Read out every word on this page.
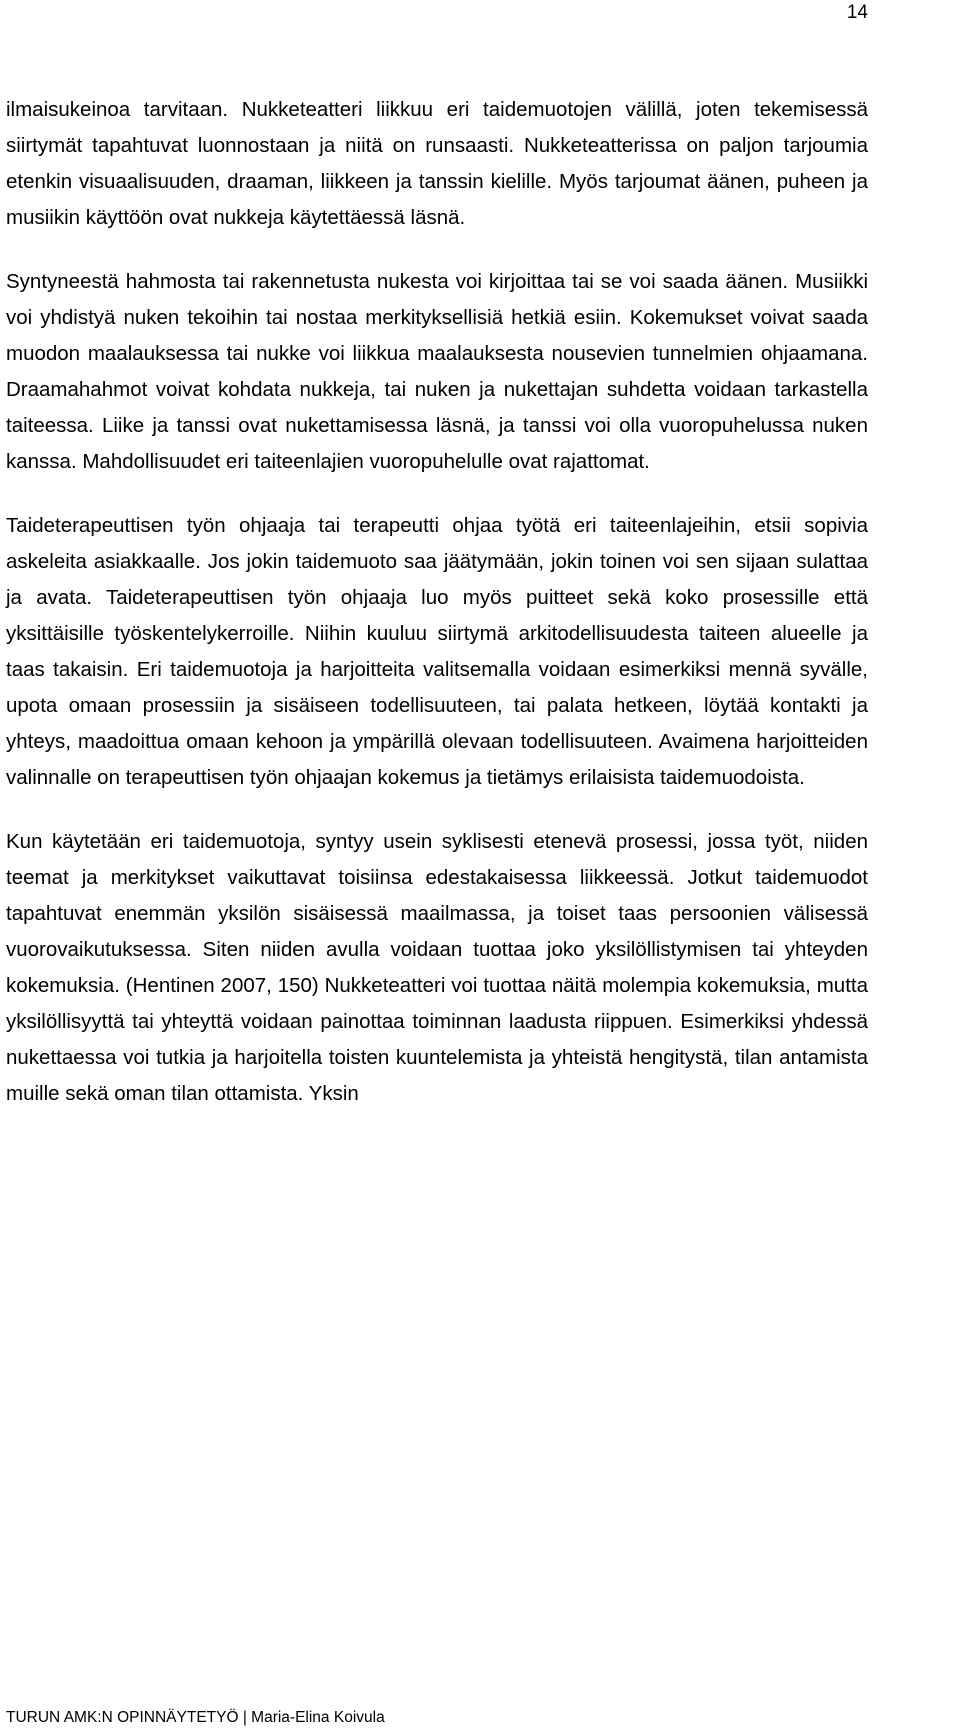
14

ilmaisukeinoa tarvitaan. Nukketeatteri liikkuu eri taidemuotojen välillä, joten tekemisessä siirtymät tapahtuvat luonnostaan ja niitä on runsaasti. Nukketeatterissa on paljon tarjoumia etenkin visuaalisuuden, draaman, liikkeen ja tanssin kielille. Myös tarjoumat äänen, puheen ja musiikin käyttöön ovat nukkeja käytettäessä läsnä.

Syntyneestä hahmosta tai rakennetusta nukesta voi kirjoittaa tai se voi saada äänen. Musiikki voi yhdistyä nuken tekoihin tai nostaa merkityksellisiä hetkiä esiin. Kokemukset voivat saada muodon maalauksessa tai nukke voi liikkua maalauksesta nousevien tunnelmien ohjaamana. Draamahahmot voivat kohdata nukkeja, tai nuken ja nukettajan suhdetta voidaan tarkastella taiteessa. Liike ja tanssi ovat nukettamisessa läsnä, ja tanssi voi olla vuoropuhelussa nuken kanssa. Mahdollisuudet eri taiteenlajien vuoropuhelulle ovat rajattomat.

Taideterapeuttisen työn ohjaaja tai terapeutti ohjaa työtä eri taiteenlajeihin, etsii sopivia askeleita asiakkaalle. Jos jokin taidemuoto saa jäätymään, jokin toinen voi sen sijaan sulattaa ja avata. Taideterapeuttisen työn ohjaaja luo myös puitteet sekä koko prosessille että yksittäisille työskentelykerroille. Niihin kuuluu siirtymä arkitodellisuudesta taiteen alueelle ja taas takaisin. Eri taidemuotoja ja harjoitteita valitsemalla voidaan esimerkiksi mennä syvälle, upota omaan prosessiin ja sisäiseen todellisuuteen, tai palata hetkeen, löytää kontakti ja yhteys, maadoittua omaan kehoon ja ympärillä olevaan todellisuuteen. Avaimena harjoitteiden valinnalle on terapeuttisen työn ohjaajan kokemus ja tietämys erilaisista taidemuodoista.

Kun käytetään eri taidemuotoja, syntyy usein syklisesti etenevä prosessi, jossa työt, niiden teemat ja merkitykset vaikuttavat toisiinsa edestakaisessa liikkeessä. Jotkut taidemuodot tapahtuvat enemmän yksilön sisäisessä maailmassa, ja toiset taas persoonien välisessä vuorovaikutuksessa. Siten niiden avulla voidaan tuottaa joko yksilöllistymisen tai yhteyden kokemuksia. (Hentinen 2007, 150) Nukketeatteri voi tuottaa näitä molempia kokemuksia, mutta yksilöllisyyttä tai yhteyttä voidaan painottaa toiminnan laadusta riippuen. Esimerkiksi yhdessä nukettaessa voi tutkia ja harjoitella toisten kuuntelemista ja yhteistä hengitystä, tilan antamista muille sekä oman tilan ottamista. Yksin

TURUN AMK:N OPINNÄYTETYÖ | Maria-Elina Koivula
